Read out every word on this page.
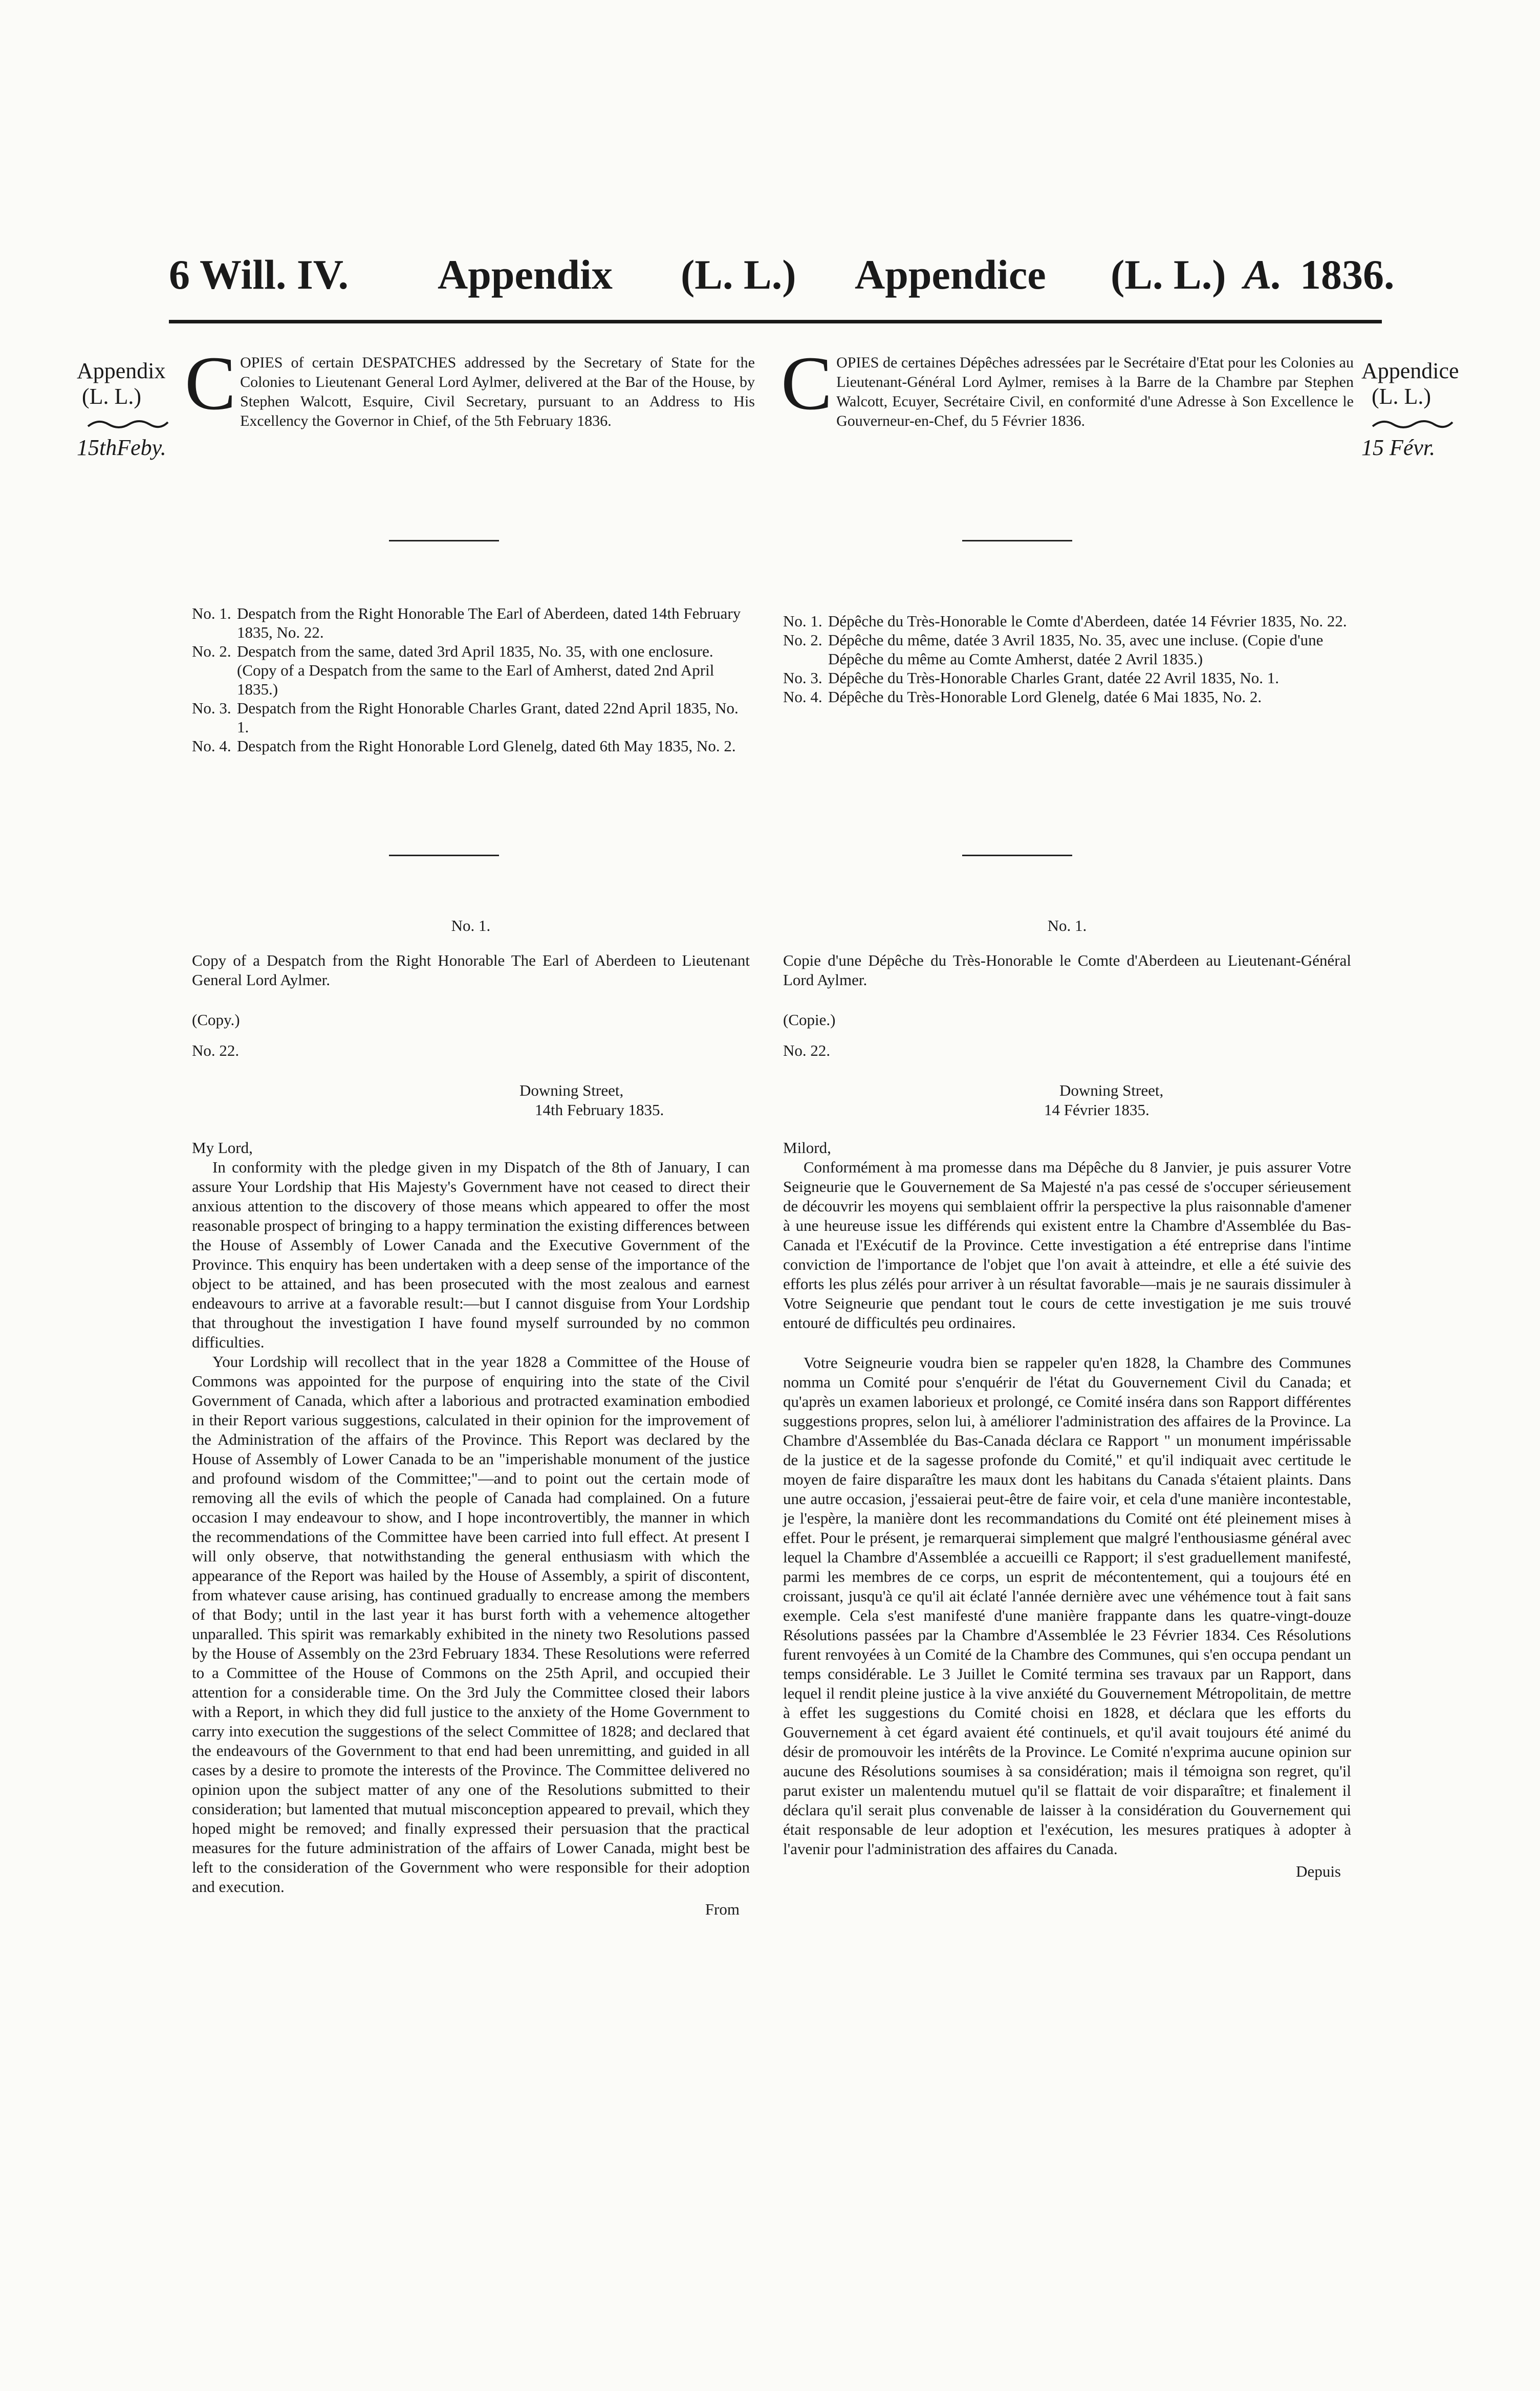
6 Will. IV. Appendix (L. L.) Appendice (L. L.) A. 1836.
Appendix
(L. L.)
15thFeby.
Appendice
(L. L.)
15 Févr.
COPIES of certain DESPATCHES addressed by the Secretary of State for the Colonies to Lieutenant General Lord Aylmer, delivered at the Bar of the House, by Stephen Walcott, Esquire, Civil Secretary, pursuant to an Address to His Excellency the Governor in Chief, of the 5th February 1836.	COPIES de certaines Dépêches adressées par le Secrétaire d'Etat pour les Colonies au Lieutenant-Général Lord Aylmer, remises à la Barre de la Chambre par Stephen Walcott, Ecuyer, Secrétaire Civil, en conformité d'une Adresse à Son Excellence le Gouverneur-en-Chef, du 5 Février 1836.
No. 1. Despatch from the Right Honorable The Earl of Aberdeen, dated 14th February 1835, No. 22.
No. 2. Despatch from the same, dated 3rd April 1835, No. 35, with one enclosure. (Copy of a Despatch from the same to the Earl of Amherst, dated 2nd April 1835.)
No. 3. Despatch from the Right Honorable Charles Grant, dated 22nd April 1835, No. 1.
No. 4. Despatch from the Right Honorable Lord Glenelg, dated 6th May 1835, No. 2.
No. 1. Dépêche du Très-Honorable le Comte d'Aberdeen, datée 14 Février 1835, No. 22.
No. 2. Dépêche du même, datée 3 Avril 1835, No. 35, avec une incluse. (Copie d'une Dépêche du même au Comte Amherst, datée 2 Avril 1835.)
No. 3. Dépêche du Très-Honorable Charles Grant, datée 22 Avril 1835, No. 1.
No. 4. Dépêche du Très-Honorable Lord Glenelg, datée 6 Mai 1835, No. 2.
No. 1.

Copy of a Despatch from the Right Honorable The Earl of Aberdeen to Lieutenant General Lord Aylmer.

(Copy.)
No. 22.
Downing Street,
14th February 1835.
My Lord,

In conformity with the pledge given in my Dispatch of the 8th of January, I can assure Your Lordship that His Majesty's Government have not ceased to direct their anxious attention to the discovery of those means which appeared to offer the most reasonable prospect of bringing to a happy termination the existing differences between the House of Assembly of Lower Canada and the Executive Government of the Province. This enquiry has been undertaken with a deep sense of the importance of the object to be attained, and has been prosecuted with the most zealous and earnest endeavours to arrive at a favorable result:—but I cannot disguise from Your Lordship that throughout the investigation I have found myself surrounded by no common difficulties.

Your Lordship will recollect that in the year 1828 a Committee of the House of Commons was appointed for the purpose of enquiring into the state of the Civil Government of Canada, which after a laborious and protracted examination embodied in their Report various suggestions, calculated in their opinion for the improvement of the Administration of the affairs of the Province. This Report was declared by the House of Assembly of Lower Canada to be an "imperishable monument of the justice and profound wisdom of the Committee;"—and to point out the certain mode of removing all the evils of which the people of Canada had complained. On a future occasion I may endeavour to show, and I hope incontrovertibly, the manner in which the recommendations of the Committee have been carried into full effect. At present I will only observe, that notwithstanding the general enthusiasm with which the appearance of the Report was hailed by the House of Assembly, a spirit of discontent, from whatever cause arising, has continued gradually to encrease among the members of that Body; until in the last year it has burst forth with a vehemence altogether unparalled. This spirit was remarkably exhibited in the ninety two Resolutions passed by the House of Assembly on the 23rd February 1834. These Resolutions were referred to a Committee of the House of Commons on the 25th April, and occupied their attention for a considerable time. On the 3rd July the Committee closed their labors with a Report, in which they did full justice to the anxiety of the Home Government to carry into execution the suggestions of the select Committee of 1828; and declared that the endeavours of the Government to that end had been unremitting, and guided in all cases by a desire to promote the interests of the Province. The Committee delivered no opinion upon the subject matter of any one of the Resolutions submitted to their consideration; but lamented that mutual misconception appeared to prevail, which they hoped might be removed; and finally expressed their persuasion that the practical measures for the future administration of the affairs of Lower Canada, might best be left to the consideration of the Government who were responsible for their adoption and execution.

From
No. 1.

Copie d'une Dépêche du Très-Honorable le Comte d'Aberdeen au Lieutenant-Général Lord Aylmer.

(Copie.)
No. 22.
Downing Street,
14 Février 1835.
Milord,

Conformément à ma promesse dans ma Dépêche du 8 Janvier, je puis assurer Votre Seigneurie que le Gouvernement de Sa Majesté n'a pas cessé de s'occuper sérieusement de découvrir les moyens qui semblaient offrir la perspective la plus raisonnable d'amener à une heureuse issue les différends qui existent entre la Chambre d'Assemblée du Bas-Canada et l'Exécutif de la Province. Cette investigation a été entreprise dans l'intime conviction de l'importance de l'objet que l'on avait à atteindre, et elle a été suivie des efforts les plus zélés pour arriver à un résultat favorable—mais je ne saurais dissimuler à Votre Seigneurie que pendant tout le cours de cette investigation je me suis trouvé entouré de difficultés peu ordinaires.

Votre Seigneurie voudra bien se rappeler qu'en 1828, la Chambre des Communes nomma un Comité pour s'enquérir de l'état du Gouvernement Civil du Canada; et qu'après un examen laborieux et prolongé, ce Comité inséra dans son Rapport différentes suggestions propres, selon lui, à améliorer l'administration des affaires de la Province. La Chambre d'Assemblée du Bas-Canada déclara ce Rapport " un monument impérissable de la justice et de la sagesse profonde du Comité," et qu'il indiquait avec certitude le moyen de faire disparaître les maux dont les habitans du Canada s'étaient plaints. Dans une autre occasion, j'essaierai peut-être de faire voir, et cela d'une manière incontestable, je l'espère, la manière dont les recommandations du Comité ont été pleinement mises à effet. Pour le présent, je remarquerai simplement que malgré l'enthousiasme général avec lequel la Chambre d'Assemblée a accueilli ce Rapport; il s'est graduellement manifesté, parmi les membres de ce corps, un esprit de mécontentement, qui a toujours été en croissant, jusqu'à ce qu'il ait éclaté l'année dernière avec une véhémence tout à fait sans exemple. Cela s'est manifesté d'une manière frappante dans les quatre-vingt-douze Résolutions passées par la Chambre d'Assemblée le 23 Février 1834. Ces Résolutions furent renvoyées à un Comité de la Chambre des Communes, qui s'en occupa pendant un temps considérable. Le 3 Juillet le Comité termina ses travaux par un Rapport, dans lequel il rendit pleine justice à la vive anxiété du Gouvernement Métropolitain, de mettre à effet les suggestions du Comité choisi en 1828, et déclara que les efforts du Gouvernement à cet égard avaient été continuels, et qu'il avait toujours été animé du désir de promouvoir les intérêts de la Province. Le Comité n'exprima aucune opinion sur aucune des Résolutions soumises à sa considération; mais il témoigna son regret, qu'il parut exister un malentendu mutuel qu'il se flattait de voir disparaître; et finalement il déclara qu'il serait plus convenable de laisser à la considération du Gouvernement qui était responsable de leur adoption et l'exécution, les mesures pratiques à adopter à l'avenir pour l'administration des affaires du Canada.

Depuis
